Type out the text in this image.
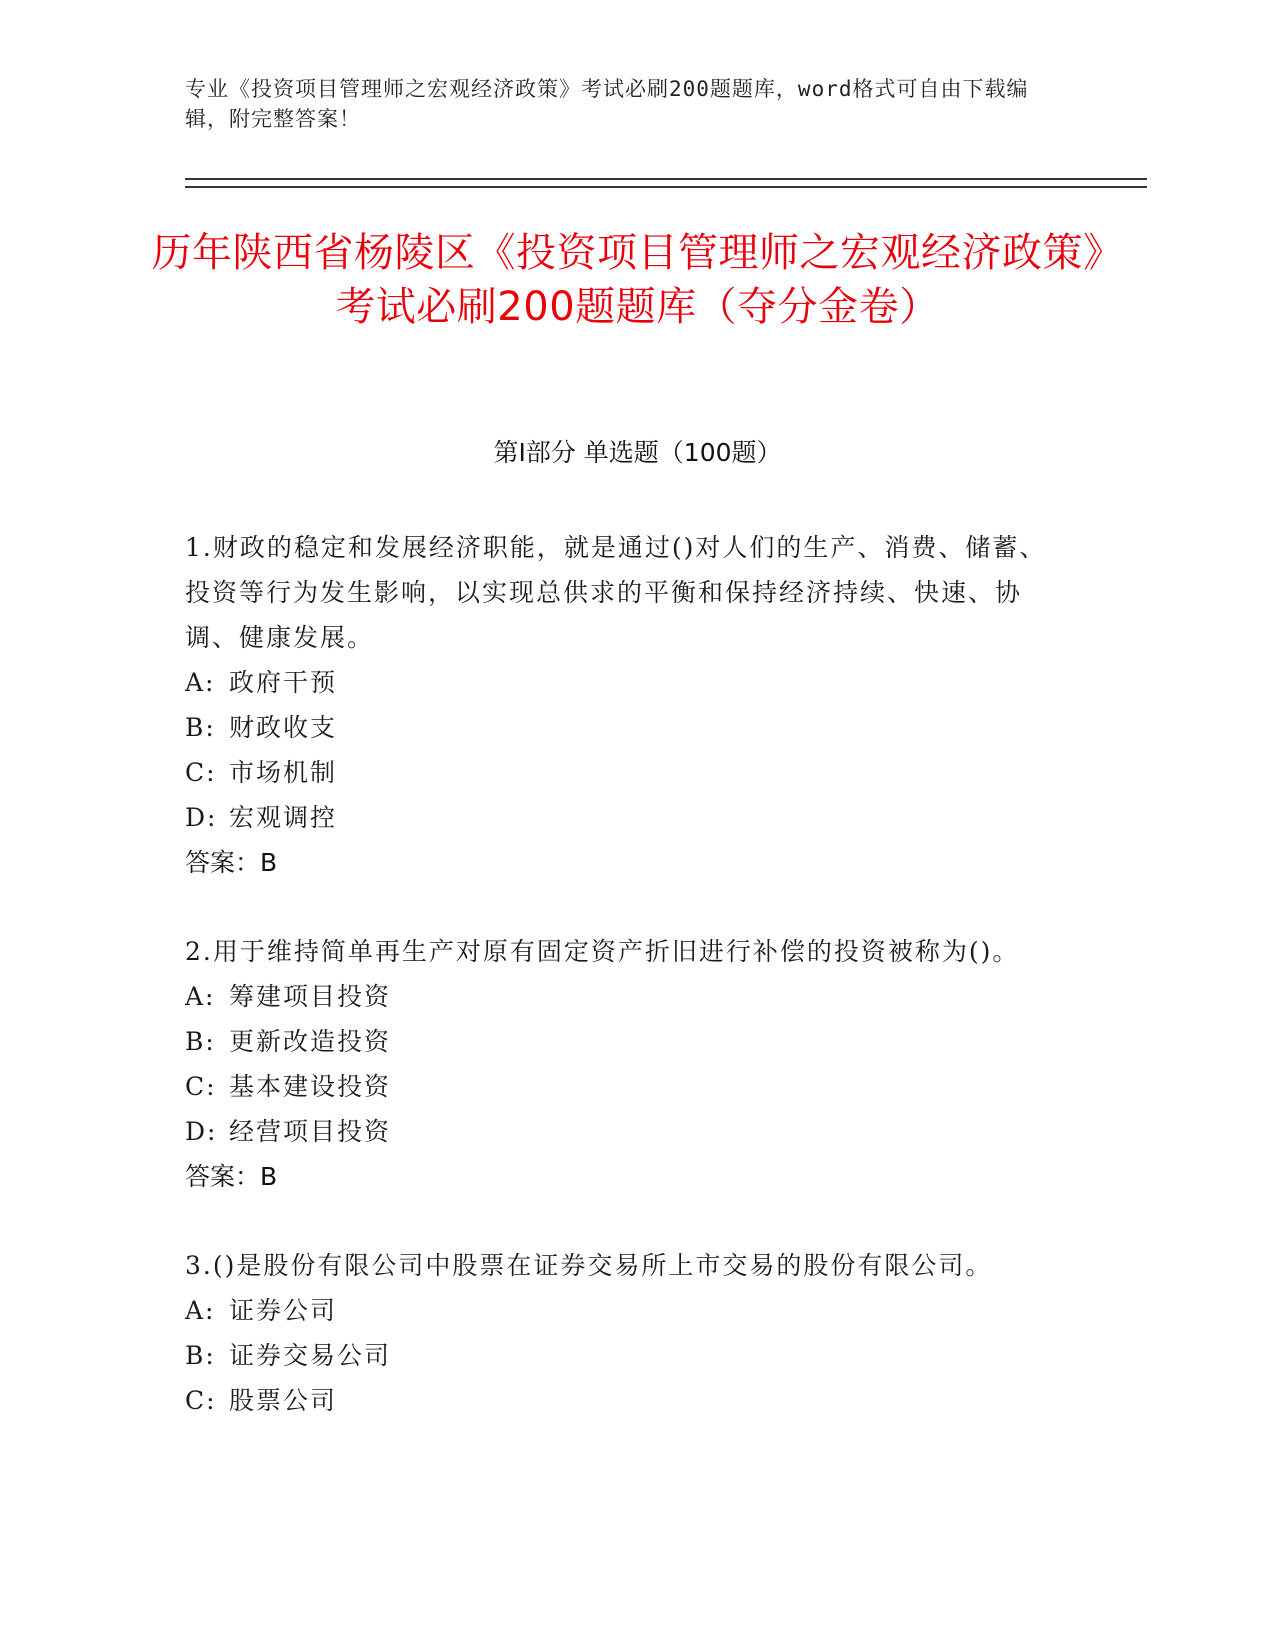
专业《投资项目管理师之宏观经济政策》考试必刷200题题库，word格式可自由下载编辑，附完整答案！
历年陕西省杨陵区《投资项目管理师之宏观经济政策》考试必刷200题题库（夺分金卷）
第Ⅰ部分 单选题（100题）

1.财政的稳定和发展经济职能，就是通过()对人们的生产、消费、储蓄、投资等行为发生影响，以实现总供求的平衡和保持经济持续、快速、协调、健康发展。

A: 政府干预
B: 财政收支
C: 市场机制
D: 宏观调控
答案：B

2.用于维持简单再生产对原有固定资产折旧进行补偿的投资被称为()。

A: 筹建项目投资
B: 更新改造投资
C: 基本建设投资
D: 经营项目投资
答案：B

3.()是股份有限公司中股票在证券交易所上市交易的股份有限公司。

A: 证券公司
B: 证券交易公司
C: 股票公司
